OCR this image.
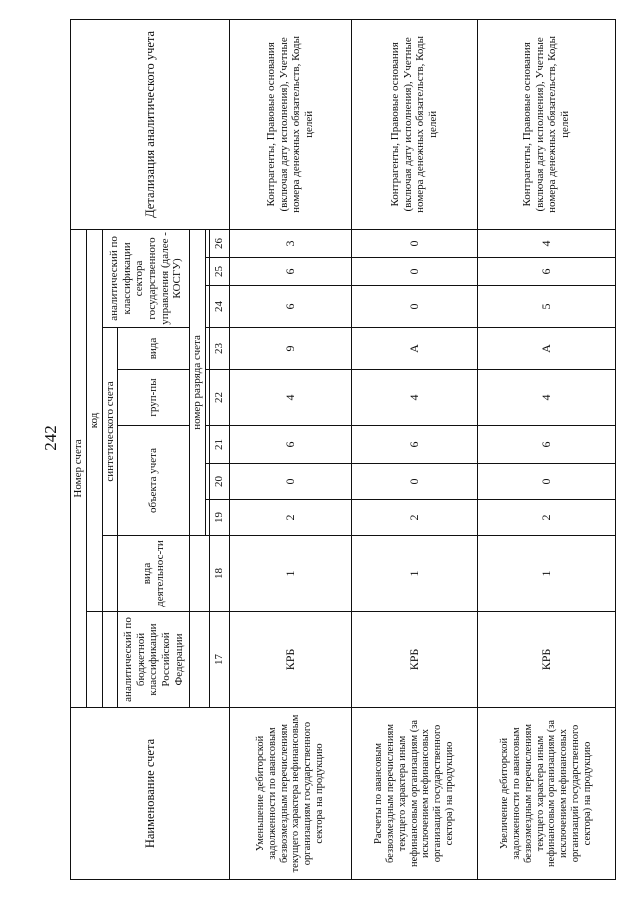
242
Наименование счета	Номер счета										Детализация аналитического учета
		код									
			синтетического счета					аналитический по классификации сектора государственного управления (далее - КОСГУ)			
	аналитический по бюджетной классификации Российской Федерации	вида деятельнос-ти	объекта учета			груп-пы	вида				
			номер разряда счета								

	17	18	19	20	21	22	23	24	25	26	
Уменьшение дебиторской задолженности по авансовым безвозмездным перечислениям текущего характера нефинансовым организациям государственного сектора на продукцию	КРБ	1	2	0	6	4	9	6	6	3	Контрагенты, Правовые основания (включая дату исполнения), Учетные номера денежных обязательств, Коды целей
Расчеты по авансовым безвозмездным перечислениям текущего характера иным нефинансовым организациям (за исключением нефинансовых организаций государственного сектора) на продукцию	КРБ	1	2	0	6	4	А	0	0	0	Контрагенты, Правовые основания (включая дату исполнения), Учетные номера денежных обязательств, Коды целей
Увеличение дебиторской задолженности по авансовым безвозмездным перечислениям текущего характера иным нефинансовым организациям (за исключением нефинансовых организаций государственного сектора) на продукцию	КРБ	1	2	0	6	4	А	5	6	4	Контрагенты, Правовые основания (включая дату исполнения), Учетные номера денежных обязательств, Коды целей
